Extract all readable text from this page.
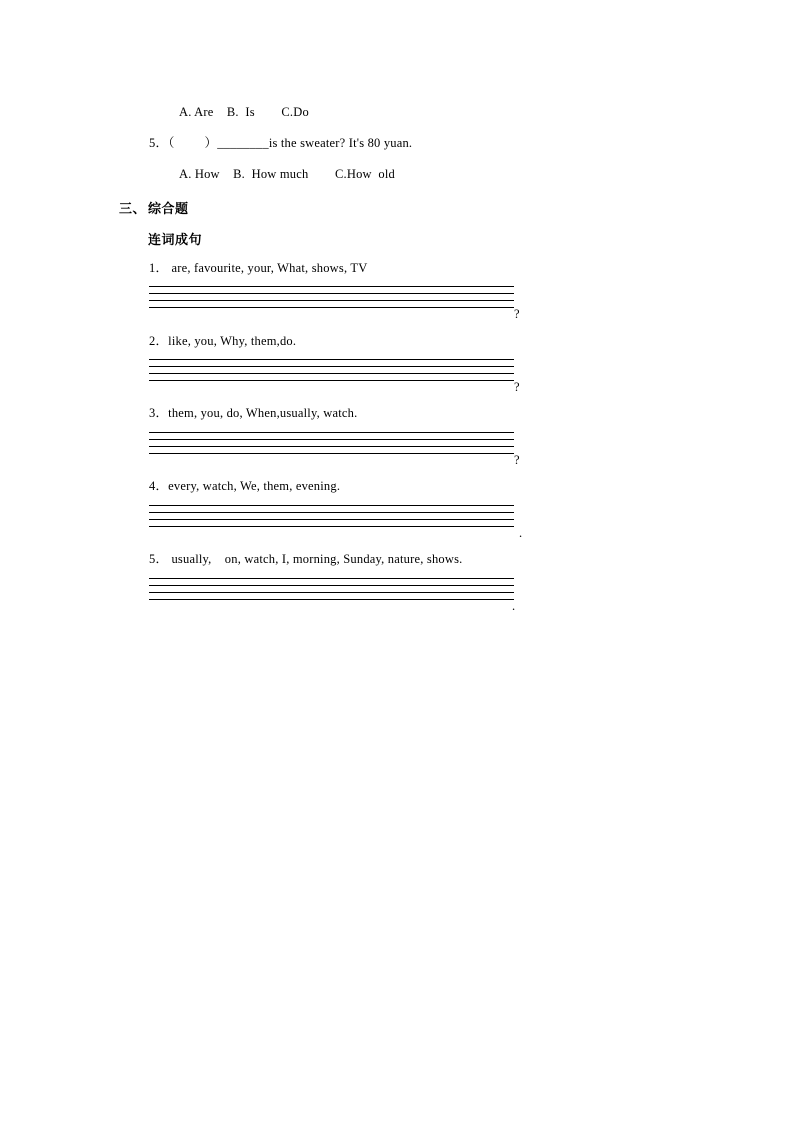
A. Are    B.  Is        C.Do
5．（         ）________is the sweater? It's 80 yuan.
A. How    B.  How much        C.How  old
三、 综合题
连词成句
1． are, favourite, your, What, shows, TV
?
2．like, you, Why, them,do.
?
3．them, you, do, When,usually, watch.
?
4．every, watch, We, them, evening.
.
5． usually,    on, watch, I, morning, Sunday, nature, shows.
.
